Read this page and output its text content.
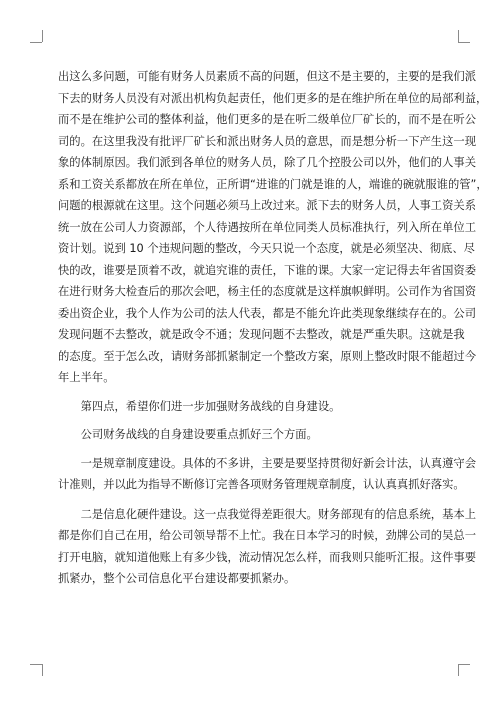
出这么多问题，可能有财务人员素质不高的问题，但这不是主要的，主要的是我们派
下去的财务人员没有对派出机构负起责任，他们更多的是在维护所在单位的局部利益，
而不是在维护公司的整体利益，他们更多的是在听二级单位厂矿长的，而不是在听公
司的。在这里我没有批评厂矿长和派出财务人员的意思，而是想分析一下产生这一现
象的体制原因。我们派到各单位的财务人员，除了几个控股公司以外，他们的人事关
系和工资关系都放在所在单位，正所谓“进谁的门就是谁的人，端谁的碗就服谁的管”，
问题的根源就在这里。这个问题必须马上改过来。派下去的财务人员，人事工资关系
统一放在公司人力资源部，个人待遇按所在单位同类人员标准执行，列入所在单位工
资计划。说到 10 个违规问题的整改，今天只说一个态度，就是必须坚决、彻底、尽
快的改，谁要是顶着不改，就追究谁的责任，下谁的课。大家一定记得去年省国资委
在进行财务大检查后的那次会吧，杨主任的态度就是这样旗帜鲜明。公司作为省国资
委出资企业，我个人作为公司的法人代表，都是不能允许此类现象继续存在的。公司
发现问题不去整改，就是政令不通；发现问题不去整改，就是严重失职。这就是我
的态度。至于怎么改，请财务部抓紧制定一个整改方案，原则上整改时限不能超过今
年上半年。
　　第四点，希望你们进一步加强财务战线的自身建设。
　　公司财务战线的自身建设要重点抓好三个方面。
　　一是规章制度建设。具体的不多讲，主要是要坚持贯彻好新会计法，认真遵守会
计准则，并以此为指导不断修订完善各项财务管理规章制度，认认真真抓好落实。
　　二是信息化硬件建设。这一点我觉得差距很大。财务部现有的信息系统，基本上
都是你们自己在用，给公司领导帮不上忙。我在日本学习的时候，劲牌公司的吴总一
打开电脑，就知道他账上有多少钱，流动情况怎么样，而我则只能听汇报。这件事要
抓紧办，整个公司信息化平台建设都要抓紧办。
